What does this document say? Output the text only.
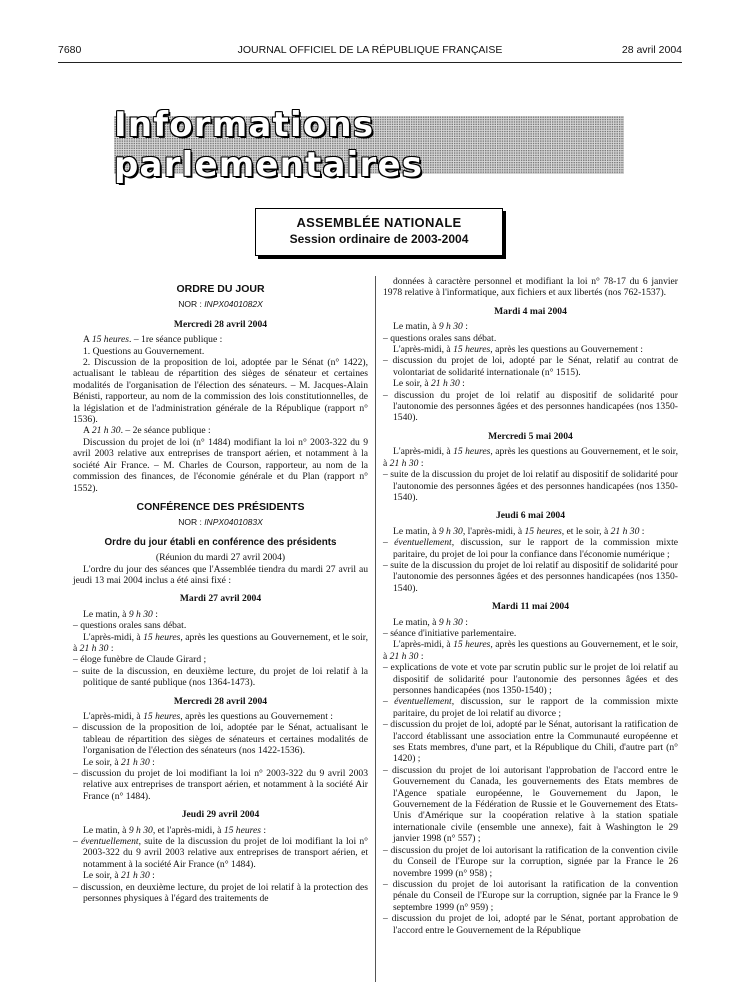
7680	JOURNAL OFFICIEL DE LA RÉPUBLIQUE FRANÇAISE	28 avril 2004
Informations parlementaires
ASSEMBLÉE NATIONALE
Session ordinaire de 2003-2004

ORDRE DU JOUR

NOR : INPX0401082X

Mercredi 28 avril 2004

A 15 heures. – 1re séance publique :

1. Questions au Gouvernement.

2. Discussion de la proposition de loi, adoptée par le Sénat (n° 1422), actualisant le tableau de répartition des sièges de sénateur et certaines modalités de l'organisation de l'élection des sénateurs. – M. Jacques-Alain Bénisti, rapporteur, au nom de la commission des lois constitutionnelles, de la législation et de l'administration générale de la République (rapport n° 1536).

A 21 h 30. – 2e séance publique :

Discussion du projet de loi (n° 1484) modifiant la loi n° 2003-322 du 9 avril 2003 relative aux entreprises de transport aérien, et notamment à la société Air France. – M. Charles de Courson, rapporteur, au nom de la commission des finances, de l'économie générale et du Plan (rapport n° 1552).

CONFÉRENCE DES PRÉSIDENTS

NOR : INPX0401083X

Ordre du jour établi en conférence des présidents

(Réunion du mardi 27 avril 2004)

L'ordre du jour des séances que l'Assemblée tiendra du mardi 27 avril au jeudi 13 mai 2004 inclus a été ainsi fixé :

Mardi 27 avril 2004

Le matin, à 9 h 30 :

– questions orales sans débat.

L'après-midi, à 15 heures, après les questions au Gouvernement, et le soir, à 21 h 30 :

– éloge funèbre de Claude Girard ;

– suite de la discussion, en deuxième lecture, du projet de loi relatif à la politique de santé publique (nos 1364-1473).

Mercredi 28 avril 2004

L'après-midi, à 15 heures, après les questions au Gouvernement :

– discussion de la proposition de loi, adoptée par le Sénat, actualisant le tableau de répartition des sièges de sénateurs et certaines modalités de l'organisation de l'élection des sénateurs (nos 1422-1536).

Le soir, à 21 h 30 :

– discussion du projet de loi modifiant la loi n° 2003-322 du 9 avril 2003 relative aux entreprises de transport aérien, et notamment à la société Air France (n° 1484).

Jeudi 29 avril 2004

Le matin, à 9 h 30, et l'après-midi, à 15 heures :

– éventuellement, suite de la discussion du projet de loi modifiant la loi n° 2003-322 du 9 avril 2003 relative aux entreprises de transport aérien, et notamment à la société Air France (n° 1484).

Le soir, à 21 h 30 :

– discussion, en deuxième lecture, du projet de loi relatif à la protection des personnes physiques à l'égard des traitements de

données à caractère personnel et modifiant la loi n° 78-17 du 6 janvier 1978 relative à l'informatique, aux fichiers et aux libertés (nos 762-1537).

Mardi 4 mai 2004

Le matin, à 9 h 30 :

– questions orales sans débat.

L'après-midi, à 15 heures, après les questions au Gouvernement :

– discussion du projet de loi, adopté par le Sénat, relatif au contrat de volontariat de solidarité internationale (n° 1515).

Le soir, à 21 h 30 :

– discussion du projet de loi relatif au dispositif de solidarité pour l'autonomie des personnes âgées et des personnes handicapées (nos 1350-1540).

Mercredi 5 mai 2004

L'après-midi, à 15 heures, après les questions au Gouvernement, et le soir, à 21 h 30 :

– suite de la discussion du projet de loi relatif au dispositif de solidarité pour l'autonomie des personnes âgées et des personnes handicapées (nos 1350-1540).

Jeudi 6 mai 2004

Le matin, à 9 h 30, l'après-midi, à 15 heures, et le soir, à 21 h 30 :

– éventuellement, discussion, sur le rapport de la commission mixte paritaire, du projet de loi pour la confiance dans l'économie numérique ;

– suite de la discussion du projet de loi relatif au dispositif de solidarité pour l'autonomie des personnes âgées et des personnes handicapées (nos 1350-1540).

Mardi 11 mai 2004

Le matin, à 9 h 30 :

– séance d'initiative parlementaire.

L'après-midi, à 15 heures, après les questions au Gouvernement, et le soir, à 21 h 30 :

– explications de vote et vote par scrutin public sur le projet de loi relatif au dispositif de solidarité pour l'autonomie des personnes âgées et des personnes handicapées (nos 1350-1540) ;

– éventuellement, discussion, sur le rapport de la commission mixte paritaire, du projet de loi relatif au divorce ;

– discussion du projet de loi, adopté par le Sénat, autorisant la ratification de l'accord établissant une association entre la Communauté européenne et ses Etats membres, d'une part, et la République du Chili, d'autre part (n° 1420) ;

– discussion du projet de loi autorisant l'approbation de l'accord entre le Gouvernement du Canada, les gouvernements des Etats membres de l'Agence spatiale européenne, le Gouvernement du Japon, le Gouvernement de la Fédération de Russie et le Gouvernement des Etats-Unis d'Amérique sur la coopération relative à la station spatiale internationale civile (ensemble une annexe), fait à Washington le 29 janvier 1998 (n° 557) ;

– discussion du projet de loi autorisant la ratification de la convention civile du Conseil de l'Europe sur la corruption, signée par la France le 26 novembre 1999 (n° 958) ;

– discussion du projet de loi autorisant la ratification de la convention pénale du Conseil de l'Europe sur la corruption, signée par la France le 9 septembre 1999 (n° 959) ;

– discussion du projet de loi, adopté par le Sénat, portant approbation de l'accord entre le Gouvernement de la République
